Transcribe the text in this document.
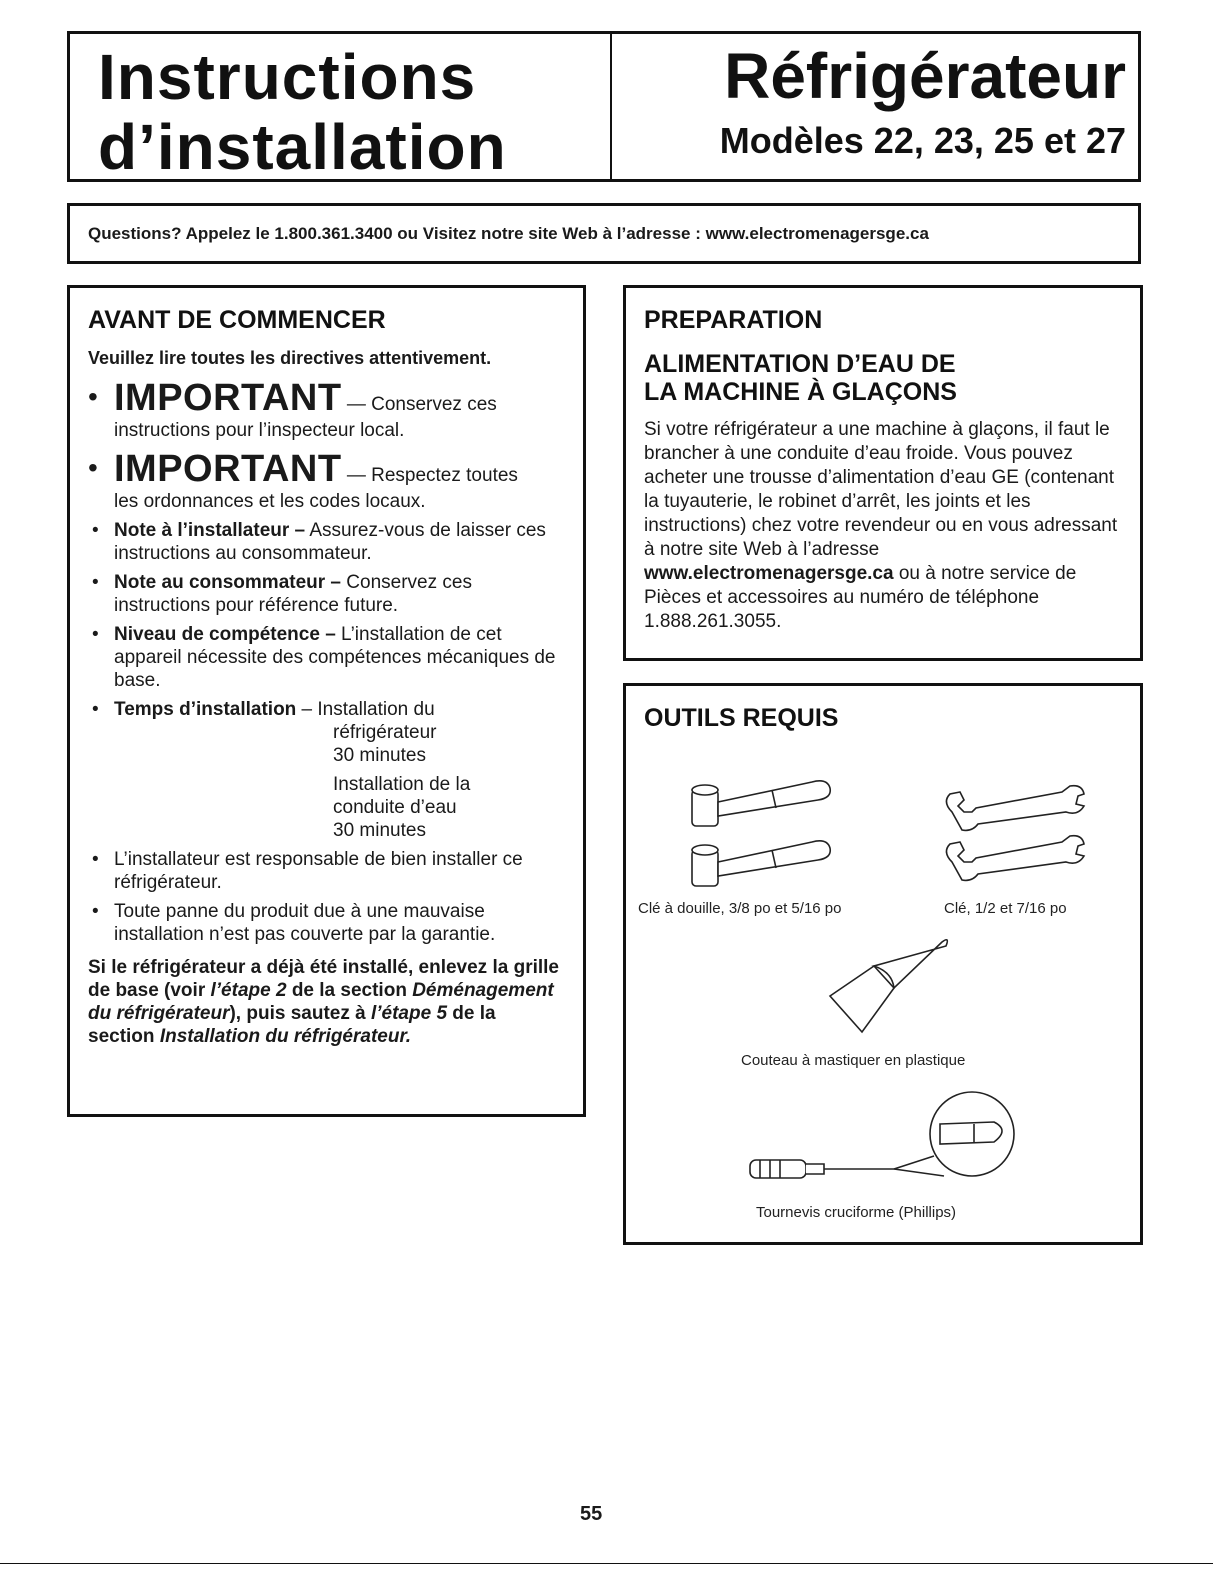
Instructions
d’installation
Réfrigérateur
Modèles 22, 23, 25 et 27
Questions? Appelez le 1.800.361.3400 ou Visitez notre site Web à l’adresse : www.electromenagersge.ca
AVANT DE COMMENCER
Veuillez lire toutes les directives attentivement.
• IMPORTANT — Conservez ces
instructions pour l’inspecteur local.
• IMPORTANT — Respectez toutes
les ordonnances et les codes locaux.
• Note à l’installateur – Assurez-vous de laisser ces instructions au consommateur.
• Note au consommateur – Conservez ces instructions pour référence future.
• Niveau de compétence – L’installation de cet appareil nécessite des compétences mécaniques de base.
• Temps d’installation – Installation du
réfrigérateur
30 minutes
Installation de la
conduite d’eau
30 minutes
• L’installateur est responsable de bien installer ce réfrigérateur.
• Toute panne du produit due à une mauvaise installation n’est pas couverte par la garantie.
Si le réfrigérateur a déjà été installé, enlevez la grille de base (voir l’étape 2 de la section Déménagement du réfrigérateur), puis sautez à l’étape 5 de la section Installation du réfrigérateur.
PREPARATION
ALIMENTATION D’EAU DE
LA MACHINE À GLAÇONS
Si votre réfrigérateur a une machine à glaçons, il faut le brancher à une conduite d’eau froide. Vous pouvez acheter une trousse d’alimentation d’eau GE (contenant la tuyauterie, le robinet d’arrêt, les joints et les instructions) chez votre revendeur ou en vous adressant à notre site Web à l’adresse www.electromenagersge.ca ou à notre service de Pièces et accessoires au numéro de téléphone 1.888.261.3055.
OUTILS REQUIS
Clé à douille, 3/8 po et 5/16 po	Clé, 1/2 et 7/16 po
Couteau à mastiquer en plastique
Tournevis cruciforme (Phillips)
55
